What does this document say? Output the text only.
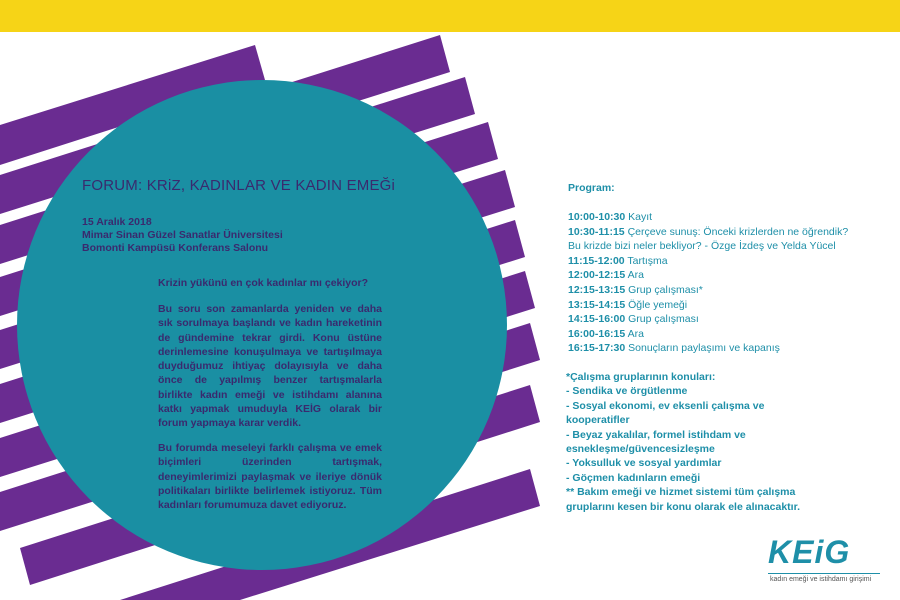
FORUM: KRiZ, KADINLAR VE KADIN EMEĞi
15 Aralık 2018
Mimar Sinan Güzel Sanatlar Üniversitesi
Bomonti Kampüsü Konferans Salonu
Krizin yükünü en çok kadınlar mı çekiyor?
Bu soru son zamanlarda yeniden ve daha sık sorulmaya başlandı ve kadın hareketinin de gündemine tekrar girdi. Konu üstüne derinlemesine konuşulmaya ve tartışılmaya duyduğumuz ihtiyaç dolayısıyla ve daha önce de yapılmış benzer tartışmalarla birlikte kadın emeği ve istihdamı alanına katkı yapmak umuduyla KEİG olarak bir forum yapmaya karar verdik.
Bu forumda meseleyi farklı çalışma ve emek biçimleri üzerinden tartışmak, deneyimlerimizi paylaşmak ve ileriye dönük politikaları birlikte belirlemek istiyoruz. Tüm kadınları forumumuza davet ediyoruz.
Program:
10:00-10:30 Kayıt
10:30-11:15 Çerçeve sunuş: Önceki krizlerden ne öğrendik?
Bu krizde bizi neler bekliyor? - Özge İzdeş ve Yelda Yücel
11:15-12:00 Tartışma
12:00-12:15 Ara
12:15-13:15 Grup çalışması*
13:15-14:15 Öğle yemeği
14:15-16:00 Grup çalışması
16:00-16:15 Ara
16:15-17:30 Sonuçların paylaşımı ve kapanış
*Çalışma gruplarının konuları:
- Sendika ve örgütlenme
- Sosyal ekonomi, ev eksenli çalışma ve
kooperatifler
- Beyaz yakalılar, formel istihdam ve
esnekleşme/güvencesizleşme
- Yoksulluk ve sosyal yardımlar
- Göçmen kadınların emeği
** Bakım emeği ve hizmet sistemi tüm çalışma
gruplarını kesen bir konu olarak ele alınacaktır.
KEiG
kadın emeği ve istihdamı girişimi
